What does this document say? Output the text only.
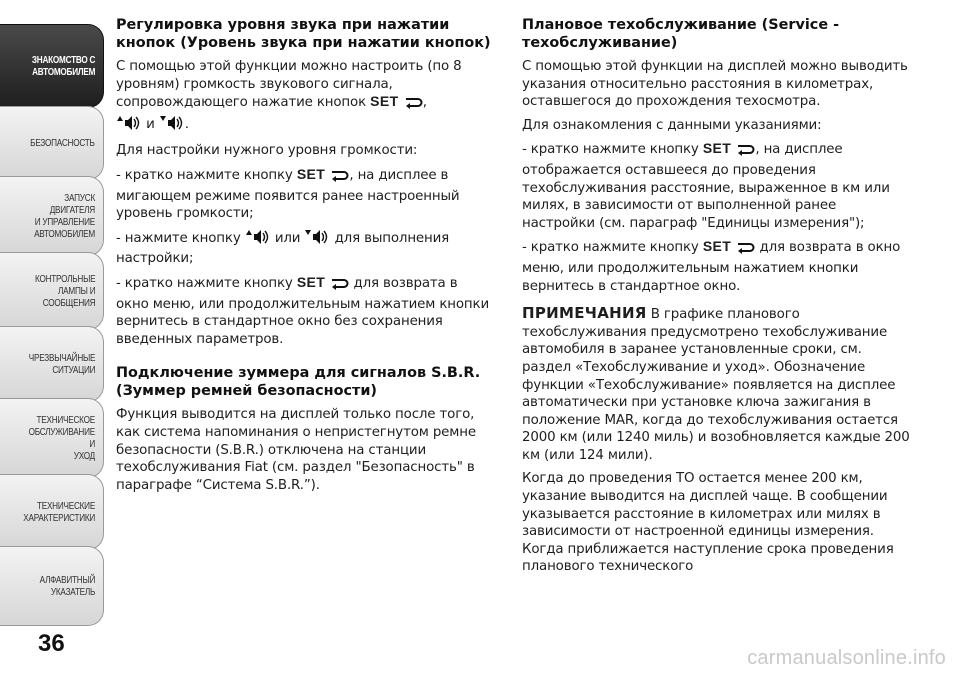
ЗНАКОМСТВО С
АВТОМОБИЛЕМ
БЕЗОПАСНОСТЬ
ЗАПУСК ДВИГАТЕЛЯ
И УПРАВЛЕНИЕ
АВТОМОБИЛЕМ
КОНТРОЛЬНЫЕ
ЛАМПЫ И
СООБЩЕНИЯ
ЧРЕЗВЫЧАЙНЫЕ
СИТУАЦИИ
ТЕХНИЧЕСКОЕ
ОБСЛУЖИВАНИЕ И
УХОД
ТЕХНИЧЕСКИЕ
ХАРАКТЕРИСТИКИ
АЛФАВИТНЫЙ
УКАЗАТЕЛЬ
36
Регулировка уровня звука при нажатии кнопок (Уровень звука при нажатии кнопок)

С помощью этой функции можно настроить (по 8 уровням) громкость звукового сигнала, сопровождающего нажатие кнопок SET ,
и .

Для настройки нужного уровня громкости:

- кратко нажмите кнопку SET , на дисплее в мигающем режиме появится ранее настроенный уровень громкости;

- нажмите кнопку	или	для выполнения настройки;

- кратко нажмите кнопку SET для возврата в окно меню, или продолжительным нажатием кнопки вернитесь в стандартное окно без сохранения введенных параметров.

Подключение зуммера для сигналов S.B.R. (Зуммер ремней безопасности)

Функция выводится на дисплей только после того, как система напоминания о непристегнутом ремне безопасности (S.B.R.) отключена на станции техобслуживания Fiat (см. раздел "Безопасность" в параграфе “Система S.B.R.”).

Плановое техобслуживание (Service - техобслуживание)

С помощью этой функции на дисплей можно выводить указания относительно расстояния в километрах, оставшегося до прохождения техосмотра.

Для ознакомления с данными указаниями:

- кратко нажмите кнопку SET , на дисплее отображается оставшееся до проведения техобслуживания расстояние, выраженное в км или милях, в зависимости от выполненной ранее настройки (см. параграф "Единицы измерения");

- кратко нажмите кнопку SET для возврата в окно меню, или продолжительным нажатием кнопки вернитесь в стандартное окно.

ПРИМЕЧАНИЯ В графике планового техобслуживания предусмотрено техобслуживание автомобиля в заранее установленные сроки, см. раздел «Техобслуживание и уход». Обозначение функции «Техобслуживание» появляется на дисплее автоматически при установке ключа зажигания в положение MAR, когда до техобслуживания остается 2000 км (или 1240 миль) и возобновляется каждые 200 км (или 124 мили).

Когда до проведения ТО остается менее 200 км, указание выводится на дисплей чаще. В сообщении указывается расстояние в километрах или милях в зависимости от настроенной единицы измерения. Когда приближается наступление срока проведения планового технического

carmanualsonline.info
